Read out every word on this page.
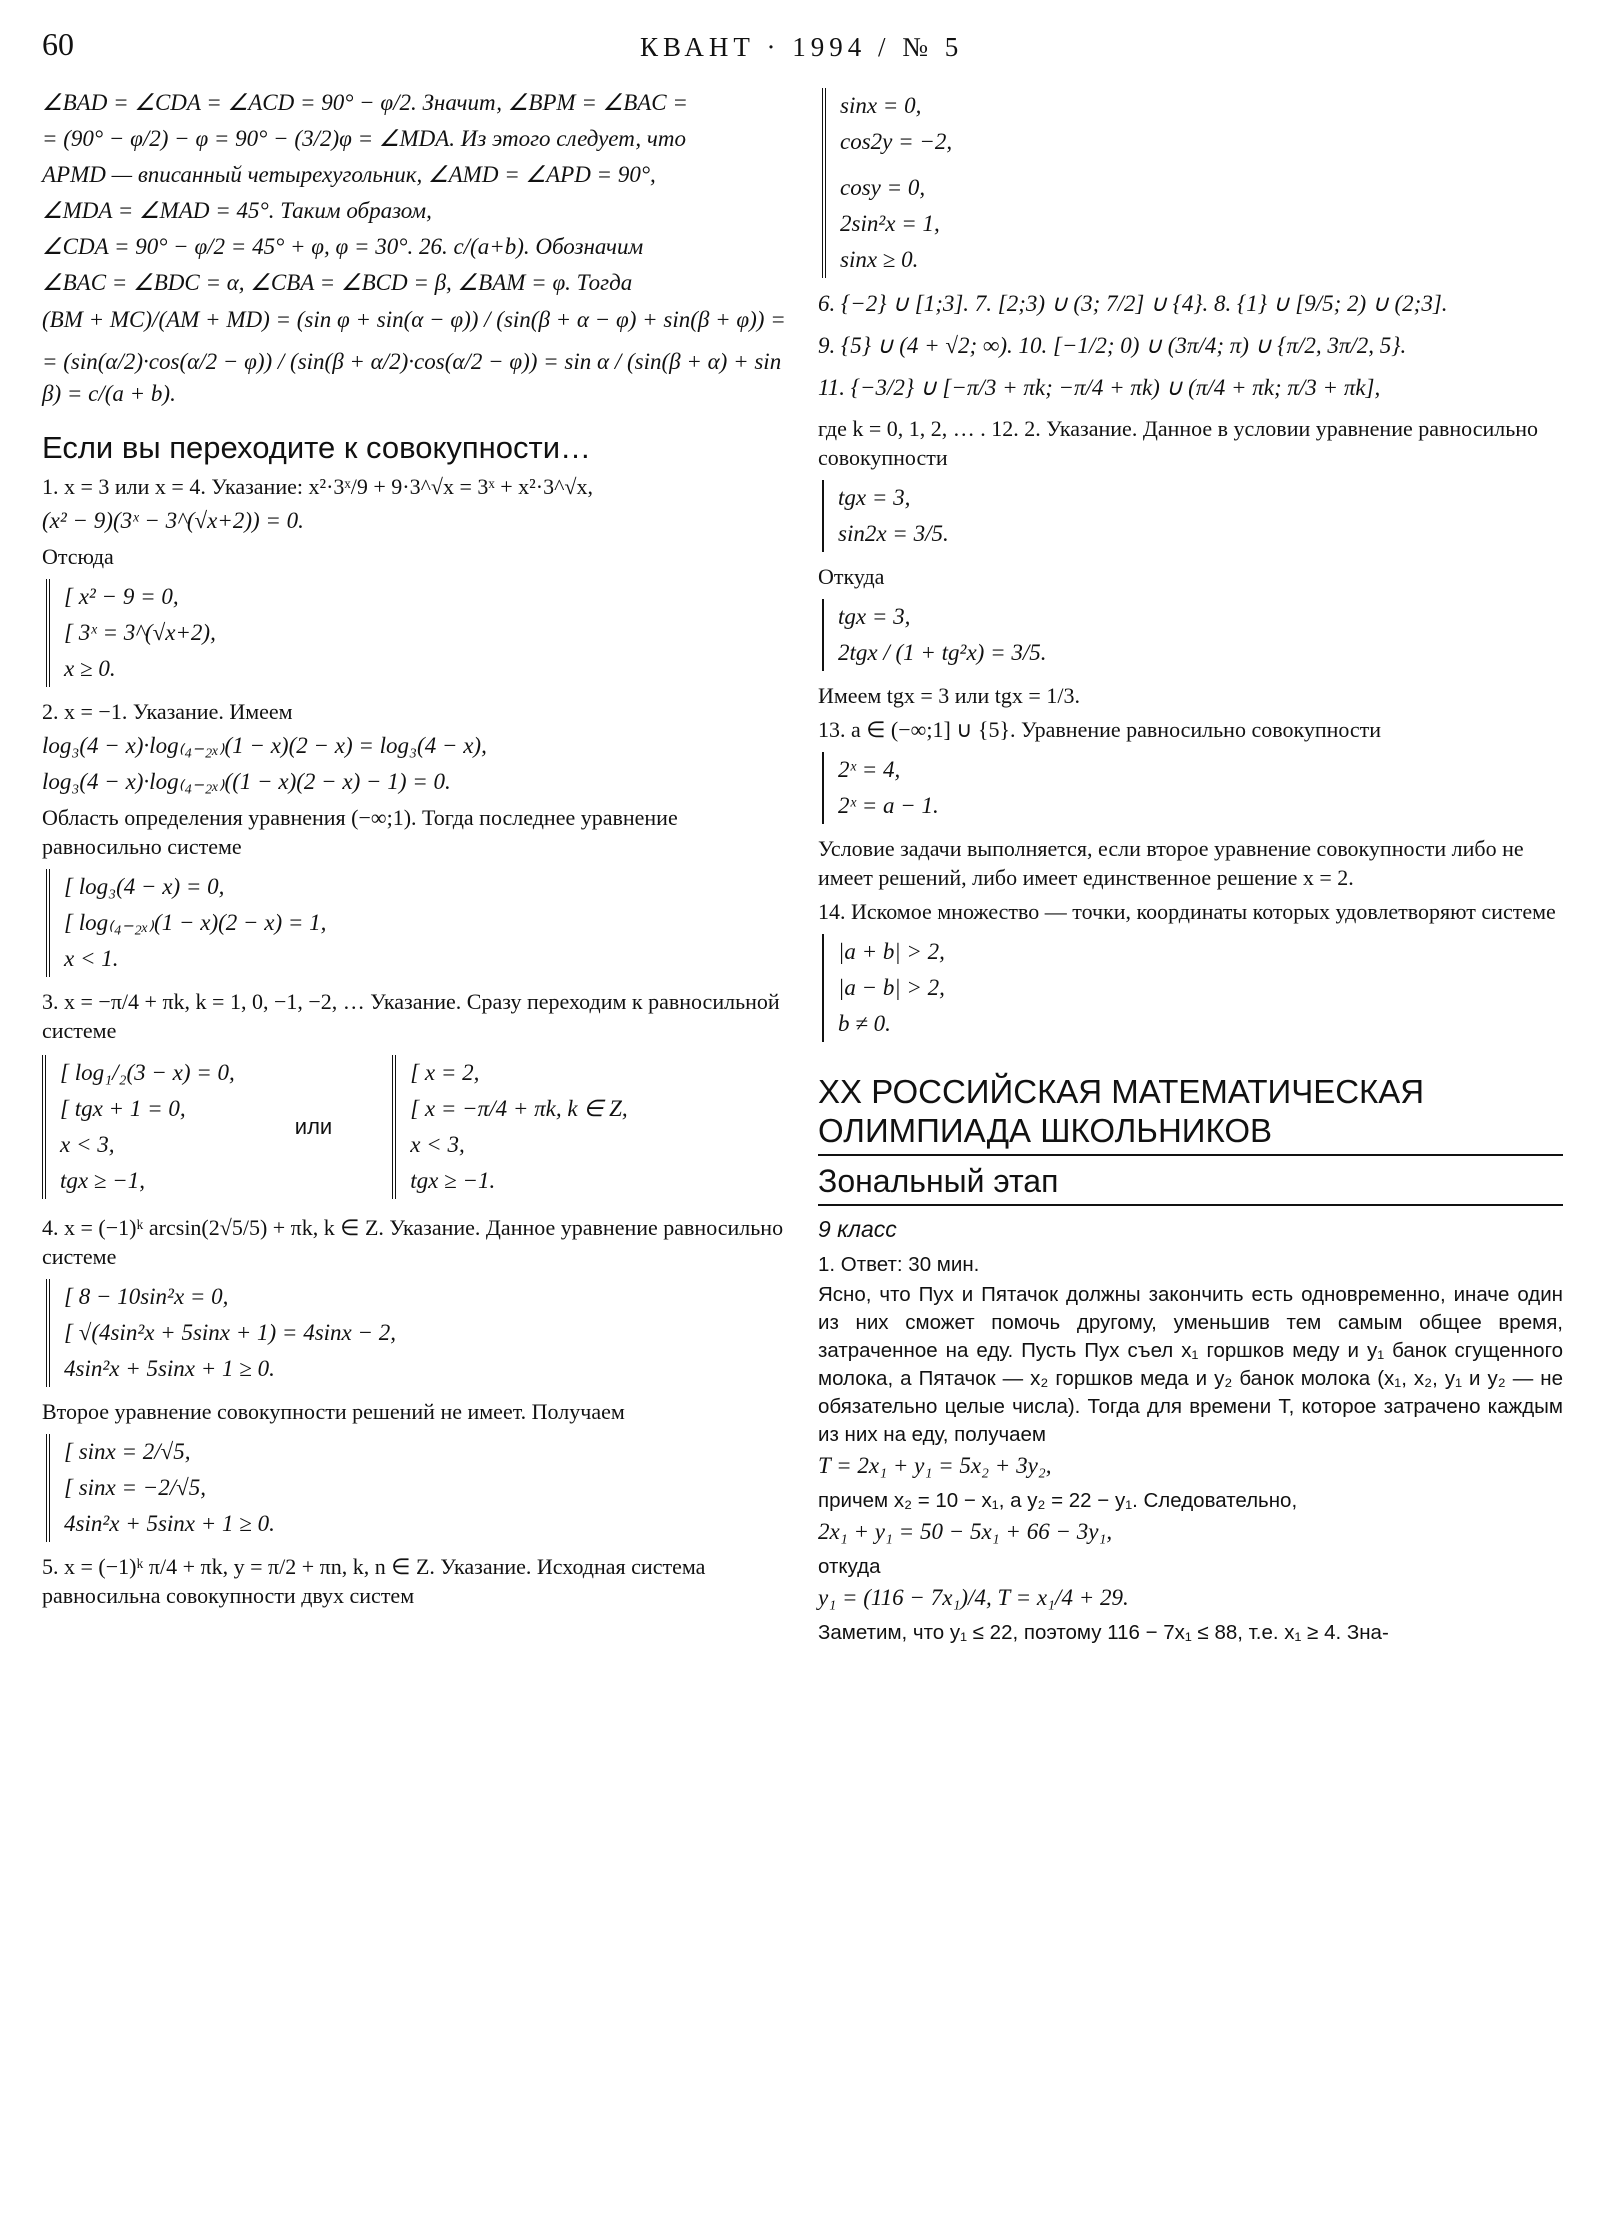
60	КВАНТ · 1994 / № 5
∠BAD = ∠CDA = ∠ACD = 90° − φ/2. Значит, ∠BPM = ∠BAC =
= (90° − φ/2) − φ = 90° − (3/2)φ = ∠MDA. Из этого следует, что
APMD — вписанный четырехугольник, ∠AMD = ∠APD = 90°,
∠MDA = ∠MAD = 45°. Таким образом,
∠CDA = 90° − φ/2 = 45° + φ, φ = 30°. 26. c/(a+b). Обозначим
∠BAC = ∠BDC = α, ∠CBA = ∠BCD = β, ∠BAM = φ. Тогда
(BM + MC)/(AM + MD) = (sin φ + sin(α − φ)) / (sin(β + α − φ) + sin(β + φ)) =
= (sin(α/2)·cos(α/2 − φ)) / (sin(β + α/2)·cos(α/2 − φ)) = sin α / (sin(β + α) + sin β) = c/(a + b).
Если вы переходите к совокупности…
1. x = 3 или x = 4. Указание: x²·3ˣ/9 + 9·3^√x = 3ˣ + x²·3^√x,
(x² − 9)(3ˣ − 3^(√x+2)) = 0.
Отсюда
[ x² − 9 = 0,
[ 3ˣ = 3^(√x+2),
x ≥ 0.
2. x = −1. Указание. Имеем
log₃(4 − x)·log₍₄₋₂ₓ₎(1 − x)(2 − x) = log₃(4 − x),
log₃(4 − x)·log₍₄₋₂ₓ₎((1 − x)(2 − x) − 1) = 0.
Область определения уравнения (−∞;1). Тогда последнее уравнение равносильно системе
[ log₃(4 − x) = 0,
[ log₍₄₋₂ₓ₎(1 − x)(2 − x) = 1,
x < 1.
3. x = −π/4 + πk, k = 1, 0, −1, −2, … Указание. Сразу переходим к равносильной системе
[ log₁/₂(3 − x) = 0,
[ tgx + 1 = 0,
x < 3,
tgx ≥ −1,
или
[ x = 2,
[ x = −π/4 + πk, k ∈ Z,
x < 3,
tgx ≥ −1.
4. x = (−1)ᵏ arcsin(2√5/5) + πk, k ∈ Z. Указание. Данное уравнение равносильно системе
[ 8 − 10sin²x = 0,
[ √(4sin²x + 5sinx + 1) = 4sinx − 2,
4sin²x + 5sinx + 1 ≥ 0.
Второе уравнение совокупности решений не имеет. Получаем
[ sinx = 2/√5,
[ sinx = −2/√5,
4sin²x + 5sinx + 1 ≥ 0.
5. x = (−1)ᵏ π/4 + πk, y = π/2 + πn, k, n ∈ Z. Указание. Исходная система равносильна совокупности двух систем
sinx = 0,
cos2y = −2,
cosy = 0,
2sin²x = 1,
sinx ≥ 0.
6. {−2} ∪ [1;3]. 7. [2;3) ∪ (3; 7/2] ∪ {4}. 8. {1} ∪ [9/5; 2) ∪ (2;3].
9. {5} ∪ (4 + √2; ∞). 10. [−1/2; 0) ∪ (3π/4; π) ∪ {π/2, 3π/2, 5}.
11. {−3/2} ∪ [−π/3 + πk; −π/4 + πk) ∪ (π/4 + πk; π/3 + πk],
где k = 0, 1, 2, … . 12. 2. Указание. Данное в условии уравнение равносильно совокупности
tgx = 3,
sin2x = 3/5.
Откуда
tgx = 3,
2tgx / (1 + tg²x) = 3/5.
Имеем tgx = 3 или tgx = 1/3.
13. a ∈ (−∞;1] ∪ {5}. Уравнение равносильно совокупности
2ˣ = 4,
2ˣ = a − 1.
Условие задачи выполняется, если второе уравнение совокупности либо не имеет решений, либо имеет единственное решение x = 2.
14. Искомое множество — точки, координаты которых удовлетворяют системе
|a + b| > 2,
|a − b| > 2,
b ≠ 0.
XX РОССИЙСКАЯ МАТЕМАТИЧЕСКАЯ
ОЛИМПИАДА ШКОЛЬНИКОВ
Зональный этап
9 класс
1. Ответ: 30 мин.
Ясно, что Пух и Пятачок должны закончить есть одновременно, иначе один из них сможет помочь другому, уменьшив тем самым общее время, затраченное на еду. Пусть Пух съел x₁ горшков меду и y₁ банок сгущенного молока, а Пятачок — x₂ горшков меда и y₂ банок молока (x₁, x₂, y₁ и y₂ — не обязательно целые числа). Тогда для времени T, которое затрачено каждым из них на еду, получаем
T = 2x₁ + y₁ = 5x₂ + 3y₂,
причем x₂ = 10 − x₁, а y₂ = 22 − y₁. Следовательно,
2x₁ + y₁ = 50 − 5x₁ + 66 − 3y₁,
откуда
y₁ = (116 − 7x₁)/4, T = x₁/4 + 29.
Заметим, что y₁ ≤ 22, поэтому 116 − 7x₁ ≤ 88, т.е. x₁ ≥ 4. Зна-
